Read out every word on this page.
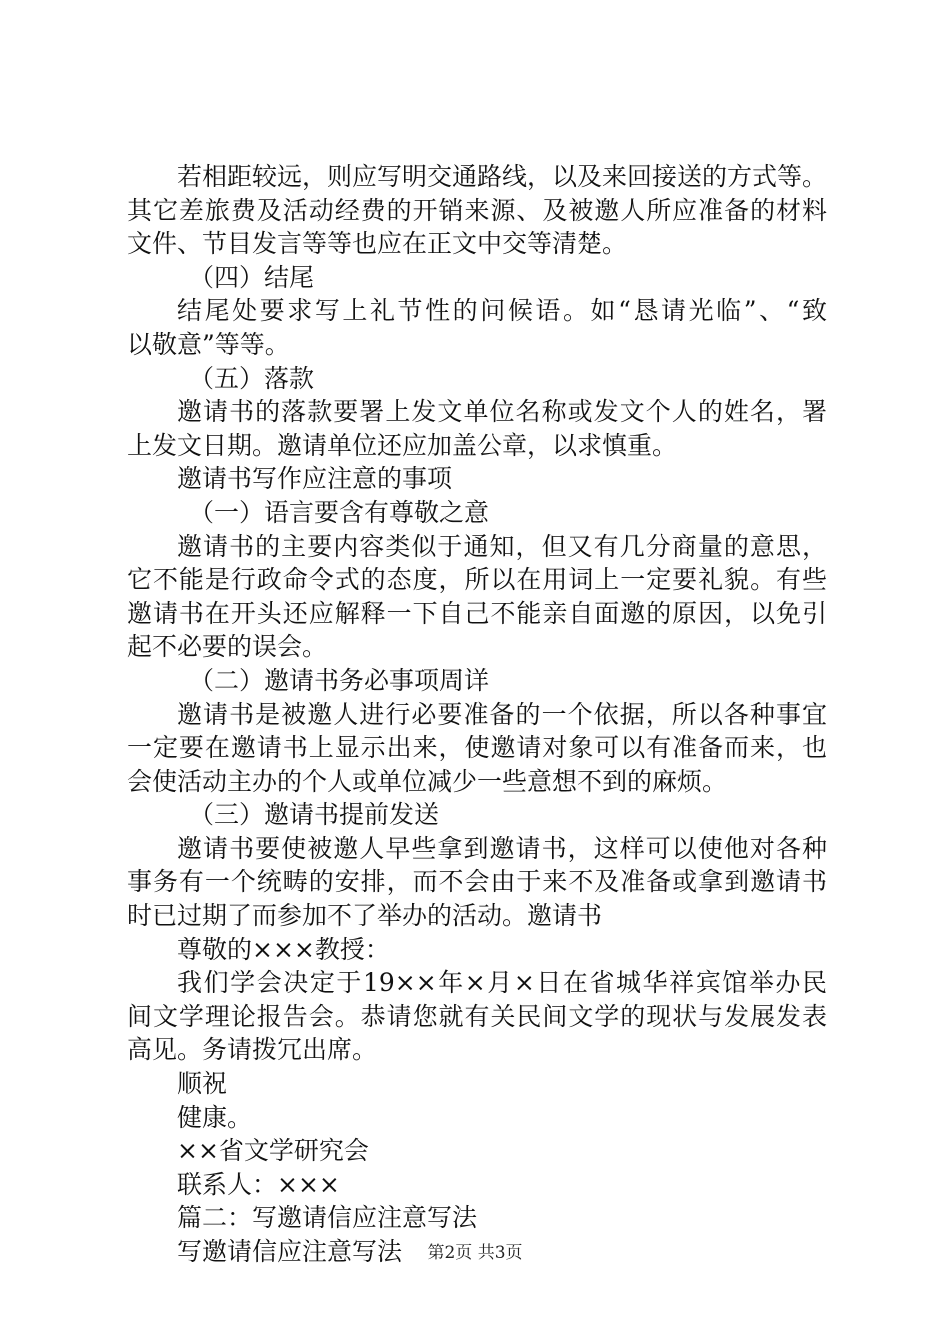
若相距较远，则应写明交通路线，以及来回接送的方式等。
其它差旅费及活动经费的开销来源、及被邀人所应准备的材料
文件、节目发言等等也应在正文中交等清楚。
（四）结尾
结尾处要求写上礼节性的问候语。如“恳请光临”、“致
以敬意”等等。
（五）落款
邀请书的落款要署上发文单位名称或发文个人的姓名，署
上发文日期。邀请单位还应加盖公章，以求慎重。
邀请书写作应注意的事项
（一）语言要含有尊敬之意
邀请书的主要内容类似于通知，但又有几分商量的意思，
它不能是行政命令式的态度，所以在用词上一定要礼貌。有些
邀请书在开头还应解释一下自己不能亲自面邀的原因，以免引
起不必要的误会。
（二）邀请书务必事项周详
邀请书是被邀人进行必要准备的一个依据，所以各种事宜
一定要在邀请书上显示出来，使邀请对象可以有准备而来，也
会使活动主办的个人或单位减少一些意想不到的麻烦。
（三）邀请书提前发送
邀请书要使被邀人早些拿到邀请书，这样可以使他对各种
事务有一个统畴的安排，而不会由于来不及准备或拿到邀请书
时已过期了而参加不了举办的活动。邀请书
尊敬的×××教授：
我们学会决定于19××年×月×日在省城华祥宾馆举办民
间文学理论报告会。恭请您就有关民间文学的现状与发展发表
高见。务请拨冗出席。
顺祝
健康。
××省文学研究会
联系人：×××
篇二：写邀请信应注意写法
写邀请信应注意写法	第2页 共3页
